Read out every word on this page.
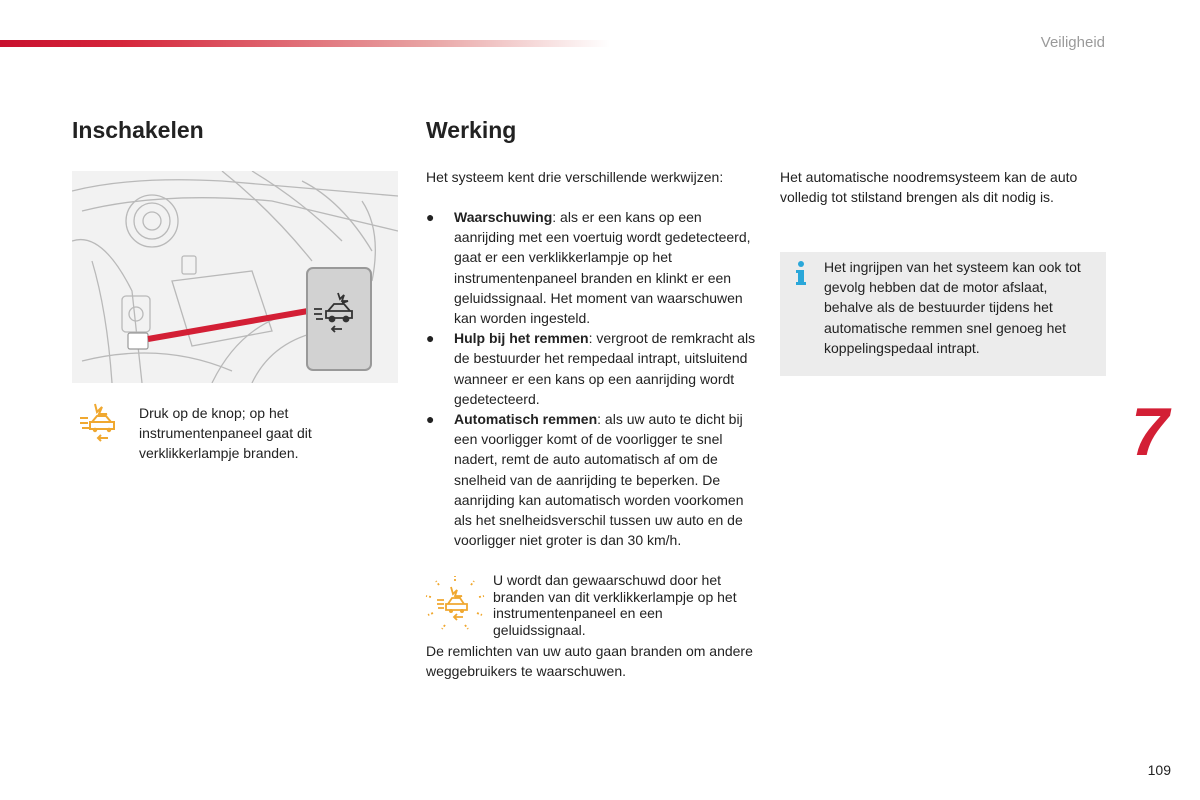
Veiligheid
Inschakelen	Werking
Druk op de knop; op het instrumentenpaneel gaat dit verklikkerlampje branden.
Het systeem kent drie verschillende werkwijzen:
● Waarschuwing: als er een kans op een aanrijding met een voertuig wordt gedetecteerd, gaat er een verklikkerlampje op het instrumentenpaneel branden en klinkt er een geluidssignaal. Het moment van waarschuwen kan worden ingesteld.
● Hulp bij het remmen: vergroot de remkracht als de bestuurder het rempedaal intrapt, uitsluitend wanneer er een kans op een aanrijding wordt gedetecteerd.
● Automatisch remmen: als uw auto te dicht bij een voorligger komt of de voorligger te snel nadert, remt de auto automatisch af om de snelheid van de aanrijding te beperken. De aanrijding kan automatisch worden voorkomen als het snelheidsverschil tussen uw auto en de voorligger niet groter is dan 30 km/h.
U wordt dan gewaarschuwd door het branden van dit verklikkerlampje op het instrumentenpaneel en een geluidssignaal.
De remlichten van uw auto gaan branden om andere weggebruikers te waarschuwen.
Het automatische noodremsysteem kan de auto volledig tot stilstand brengen als dit nodig is.
Het ingrijpen van het systeem kan ook tot gevolg hebben dat de motor afslaat, behalve als de bestuurder tijdens het automatische remmen snel genoeg het koppelingspedaal intrapt.
7
109
